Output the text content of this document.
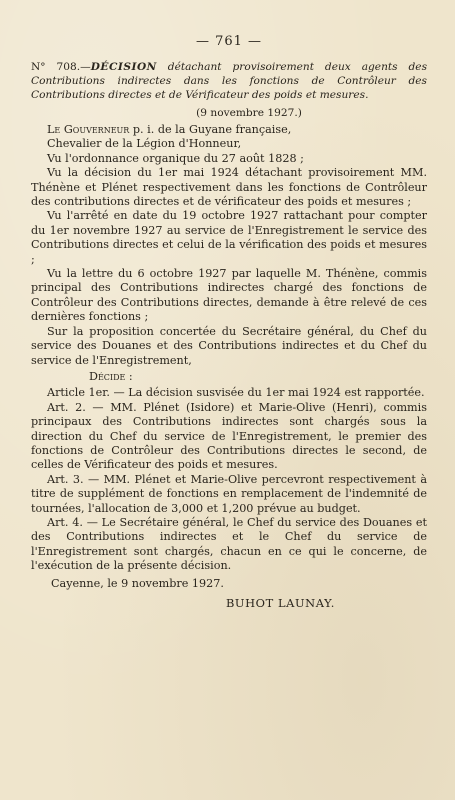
— 761 —

N° 708.—DÉCISION détachant provisoirement deux agents des Contributions indirectes dans les fonctions de Contrôleur des Contributions directes et de Vérificateur des poids et mesures.

(9 novembre 1927.)

Le Gouverneur p. i. de la Guyane française,

Chevalier de la Légion d'Honneur,

Vu l'ordonnance organique du 27 août 1828 ;

Vu la décision du 1er mai 1924 détachant provisoirement MM. Thénène et Plénet respectivement dans les fonctions de Contrôleur des contributions directes et de vérificateur des poids et mesures ;

Vu l'arrêté en date du 19 octobre 1927 rattachant pour compter du 1er novembre 1927 au service de l'Enregistrement le service des Contributions directes et celui de la vérification des poids et mesures ;

Vu la lettre du 6 octobre 1927 par laquelle M. Thénène, commis principal des Contributions indirectes chargé des fonctions de Contrôleur des Contributions directes, demande à être relevé de ces dernières fonctions ;

Sur la proposition concertée du Secrétaire général, du Chef du service des Douanes et des Contributions indirectes et du Chef du service de l'Enregistrement,

Décide :

Article 1er. — La décision susvisée du 1er mai 1924 est rapportée.

Art. 2. — MM. Plénet (Isidore) et Marie-Olive (Henri), commis principaux des Contributions indirectes sont chargés sous la direction du Chef du service de l'Enregistrement, le premier des fonctions de Contrôleur des Contributions directes le second, de celles de Vérificateur des poids et mesures.

Art. 3. — MM. Plénet et Marie-Olive percevront respectivement à titre de supplément de fonctions en remplacement de l'indemnité de tournées, l'allocation de 3,000 et 1,200 prévue au budget.

Art. 4. — Le Secrétaire général, le Chef du service des Douanes et des Contributions indirectes et le Chef du service de l'Enregistrement sont chargés, chacun en ce qui le concerne, de l'exécution de la présente décision.

Cayenne, le 9 novembre 1927.

BUHOT LAUNAY.
